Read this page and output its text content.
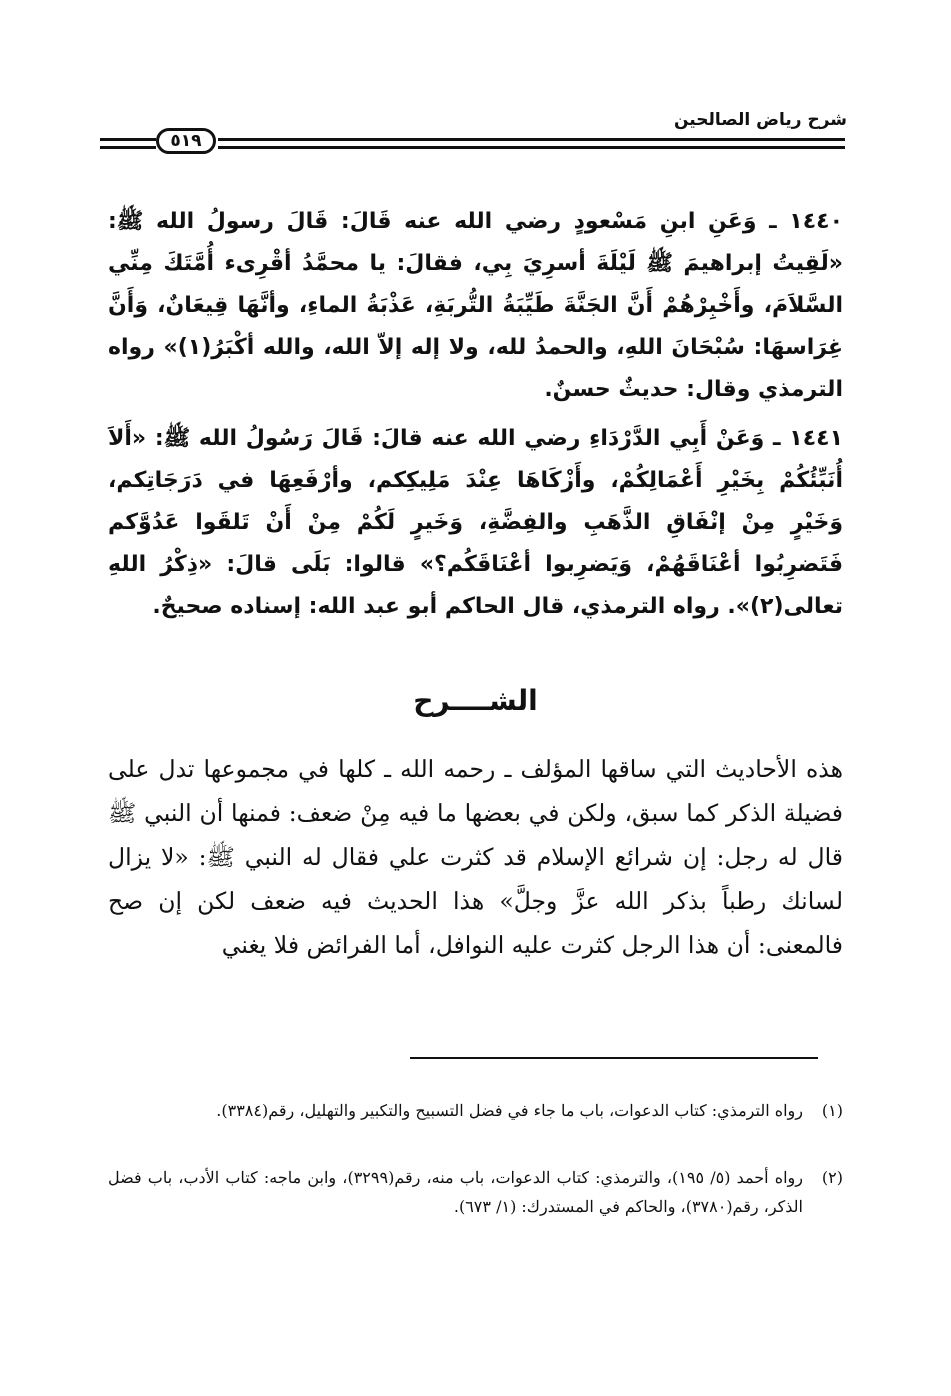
شرح رياض الصالحين
٥١٩
١٤٤٠ ـ وَعَنِ ابنِ مَسْعودٍ رضي الله عنه قَالَ: قَالَ رسولُ الله ﷺ: «لَقِيتُ إبراهيمَ ﷺ لَيْلَةَ أسرِيَ بِي، فقالَ: يا محمَّدُ أقْرِىء أُمَّتَكَ مِنِّي السَّلاَمَ، وأَخْبِرْهُمْ أَنَّ الجَنَّةَ طَيِّبَةُ التُّربَةِ، عَذْبَةُ الماءِ، وأنَّهَا قِيعَانٌ، وَأَنَّ غِرَاسهَا: سُبْحَانَ اللهِ، والحمدُ لله، ولا إله إلاّ الله، والله أكْبَرُ(١)» رواه الترمذي وقال: حديثٌ حسنٌ.
١٤٤١ ـ وَعَنْ أَبِي الدَّرْدَاءِ رضي الله عنه قالَ: قَالَ رَسُولُ الله ﷺ: «أَلاَ أُنَبِّئُكُمْ بِخَيْرِ أَعْمَالِكُمْ، وأَزْكَاهَا عِنْدَ مَلِيكِكم، وأرْفَعِهَا في دَرَجَاتِكم، وَخَيْرٍ مِنْ إنْفَاقِ الذَّهَبِ والفِضَّةِ، وَخَيرٍ لَكُمْ مِنْ أَنْ تَلقَوا عَدُوَّكم فَتَضرِبُوا أعْنَاقَهُمْ، وَيَضرِبوا أعْنَاقَكُم؟» قالوا: بَلَى قالَ: «ذِكْرُ اللهِ تعالى(٢)». رواه الترمذي، قال الحاكم أبو عبد الله: إسناده صحيحٌ.
الشــــرح
هذه الأحاديث التي ساقها المؤلف ـ رحمه الله ـ كلها في مجموعها تدل على فضيلة الذكر كما سبق، ولكن في بعضها ما فيه مِنْ ضعف: فمنها أن النبي ﷺ قال له رجل: إن شرائع الإسلام قد كثرت علي فقال له النبي ﷺ: «لا يزال لسانك رطباً بذكر الله عزَّ وجلَّ» هذا الحديث فيه ضعف لكن إن صح فالمعنى: أن هذا الرجل كثرت عليه النوافل، أما الفرائض فلا يغني
(١)
رواه الترمذي: كتاب الدعوات، باب ما جاء في فضل التسبيح والتكبير والتهليل، رقم(٣٣٨٤).
(٢)
رواه أحمد (٥/ ١٩٥)، والترمذي: كتاب الدعوات، باب منه، رقم(٣٢٩٩)، وابن ماجه: كتاب الأدب، باب فضل الذكر، رقم(٣٧٨٠)، والحاكم في المستدرك: (١/ ٦٧٣).
